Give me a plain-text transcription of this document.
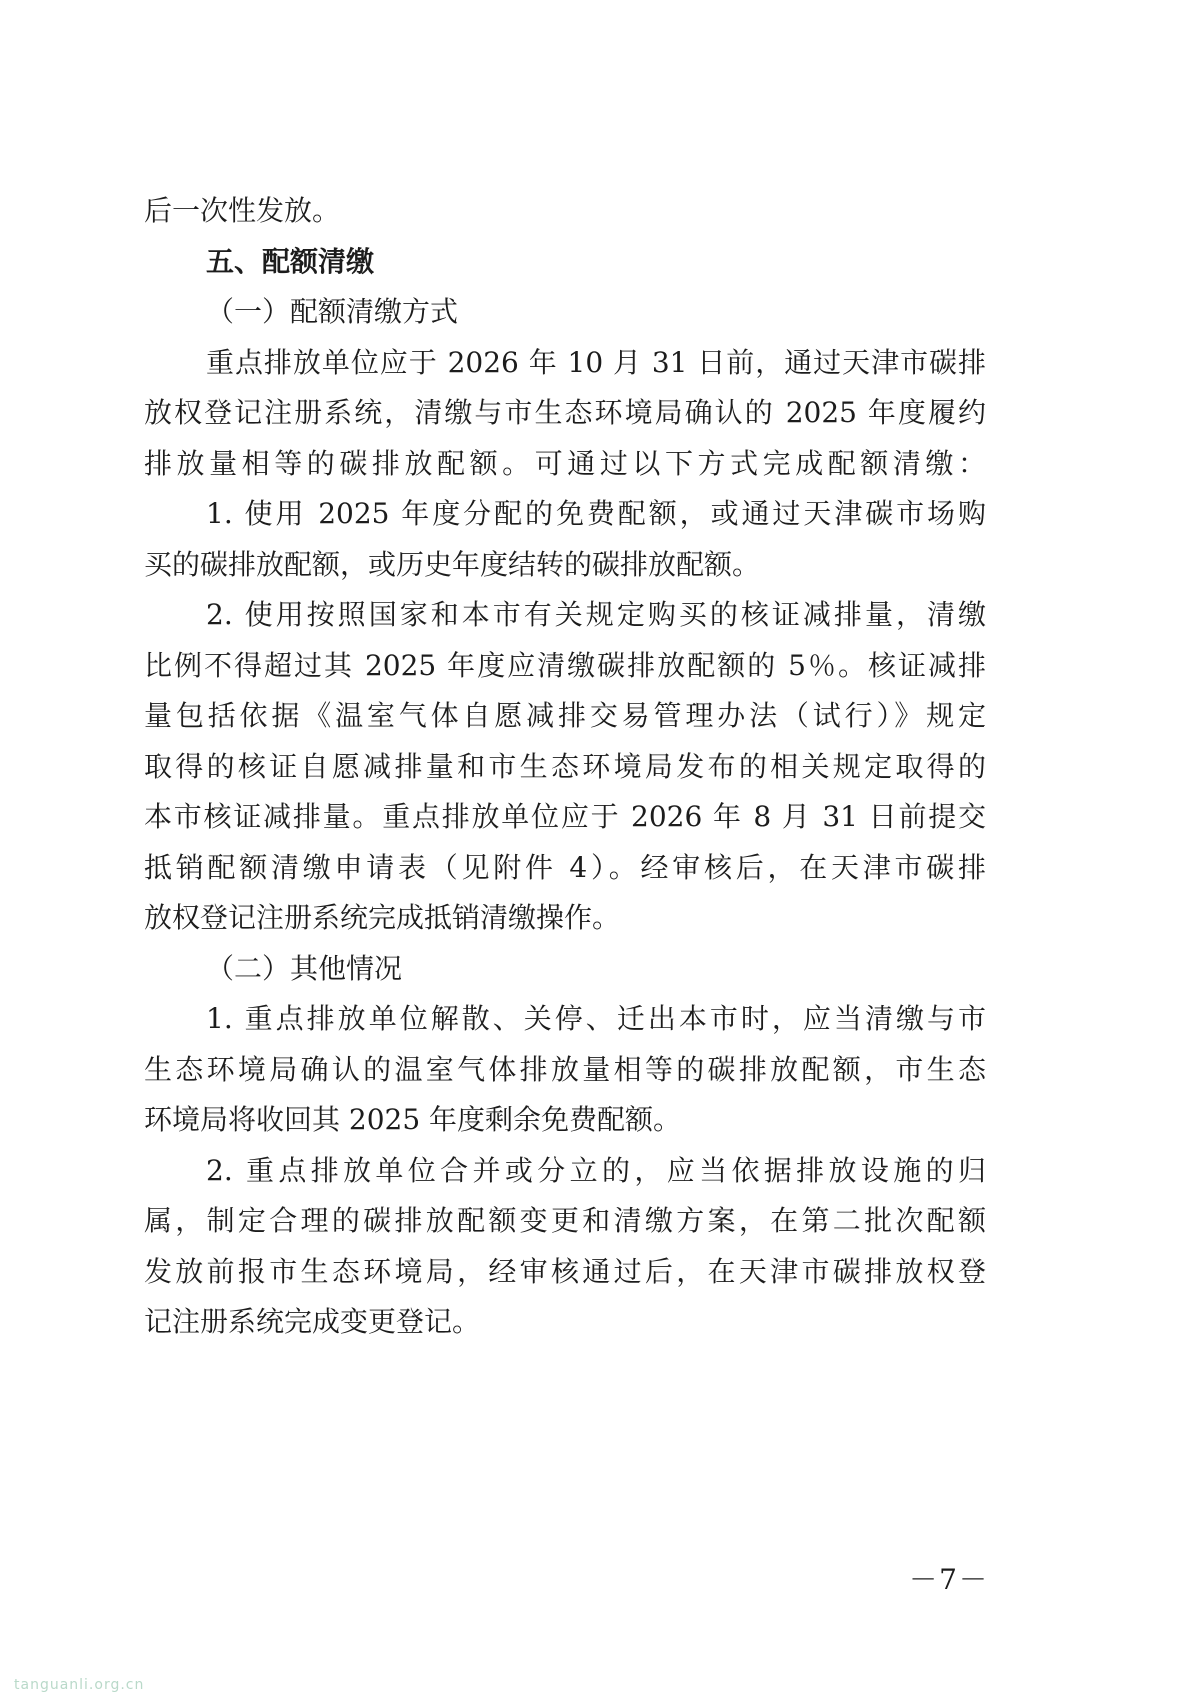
后一次性发放。
五、配额清缴
（一）配额清缴方式
重点排放单位应于 2026 年 10 月 31 日前，通过天津市碳排
放权登记注册系统，清缴与市生态环境局确认的 2025 年度履约
排放量相等的碳排放配额。可通过以下方式完成配额清缴：
1. 使用 2025 年度分配的免费配额，或通过天津碳市场购
买的碳排放配额，或历史年度结转的碳排放配额。
2. 使用按照国家和本市有关规定购买的核证减排量，清缴
比例不得超过其 2025 年度应清缴碳排放配额的 5％。核证减排
量包括依据《温室气体自愿减排交易管理办法（试行）》规定
取得的核证自愿减排量和市生态环境局发布的相关规定取得的
本市核证减排量。重点排放单位应于 2026 年 8 月 31 日前提交
抵销配额清缴申请表（见附件 4）。经审核后，在天津市碳排
放权登记注册系统完成抵销清缴操作。
（二）其他情况
1. 重点排放单位解散、关停、迁出本市时，应当清缴与市
生态环境局确认的温室气体排放量相等的碳排放配额，市生态
环境局将收回其 2025 年度剩余免费配额。
2. 重点排放单位合并或分立的，应当依据排放设施的归
属，制定合理的碳排放配额变更和清缴方案，在第二批次配额
发放前报市生态环境局，经审核通过后，在天津市碳排放权登
记注册系统完成变更登记。
－7－
tanguanli.org.cn
